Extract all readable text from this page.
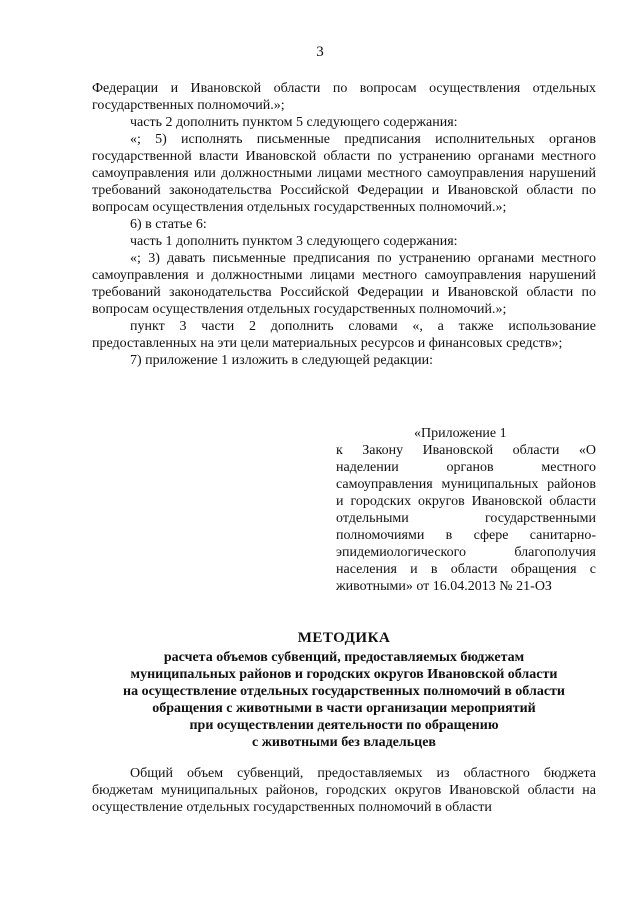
3

Федерации и Ивановской области по вопросам осуществления отдельных государственных полномочий.»;

часть 2 дополнить пунктом 5 следующего содержания:

«; 5) исполнять письменные предписания исполнительных органов государственной власти Ивановской области по устранению органами местного самоуправления или должностными лицами местного самоуправления нарушений требований законодательства Российской Федерации и Ивановской области по вопросам осуществления отдельных государственных полномочий.»;

6) в статье 6:

часть 1 дополнить пунктом 3 следующего содержания:

«; 3) давать письменные предписания по устранению органами местного самоуправления и должностными лицами местного самоуправления нарушений требований законодательства Российской Федерации и Ивановской области по вопросам осуществления отдельных государственных полномочий.»;

пункт 3 части 2 дополнить словами «, а также использование предоставленных на эти цели материальных ресурсов и финансовых средств»;

7) приложение 1 изложить в следующей редакции:

«Приложение 1

к Закону Ивановской области «О наделении органов местного самоуправления муниципальных районов и городских округов Ивановской области отдельными государственными полномочиями в сфере санитарно-эпидемиологического благополучия населения и в области обращения с животными» от 16.04.2013 № 21-ОЗ

МЕТОДИКА

расчета объемов субвенций, предоставляемых бюджетам

муниципальных районов и городских округов Ивановской области

на осуществление отдельных государственных полномочий в области

обращения с животными в части организации мероприятий

при осуществлении деятельности по обращению

с животными без владельцев

Общий объем субвенций, предоставляемых из областного бюджета бюджетам муниципальных районов, городских округов Ивановской области на осуществление отдельных государственных полномочий в области
